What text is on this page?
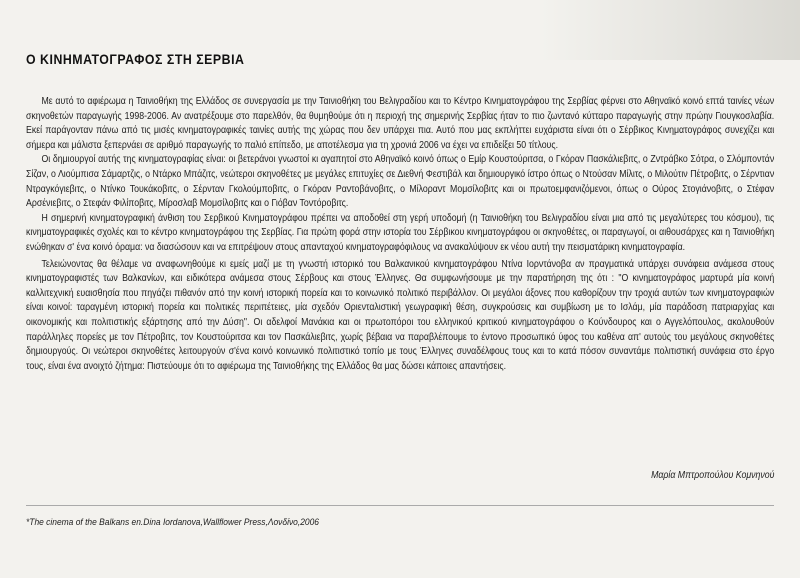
Ο ΚΙΝΗΜΑΤΟΓΡΑΦΟΣ ΣΤΗ ΣΕΡΒΙΑ

Με αυτό το αφιέρωμα η Ταινιοθήκη της Ελλάδος σε συνεργασία με την Ταινιοθήκη του Βελιγραδίου και το Κέντρο Κινηματογράφου της Σερβίας φέρνει στο Αθηναϊκό κοινό επτά ταινίες νέων σκηνοθετών παραγωγής 1998-2006. Αν ανατρέξουμε στο παρελθόν, θα θυμηθούμε ότι η περιοχή της σημερινής Σερβίας ήταν το πιο ζωντανό κύτταρο παραγωγής στην πρώην Γιουγκοσλαβία. Εκεί παράγονταν πάνω από τις μισές κινηματογραφικές ταινίες αυτής της χώρας που δεν υπάρχει πια. Αυτό που μας εκπλήττει ευχάριστα είναι ότι ο Σέρβικος Κινηματογράφος συνεχίζει και σήμερα και μάλιστα ξεπερνάει σε αριθμό παραγωγής το παλιό επίπεδο, με αποτέλεσμα για τη χρονιά 2006 να έχει να επιδείξει 50 τίτλους.

Οι δημιουργοί αυτής της κινηματογραφίας είναι: οι βετεράνοι γνωστοί κι αγαπητοί στο Αθηναϊκό κοινό όπως ο Εμίρ Κουστούριτσα, ο Γκόραν Πασκάλιεβιτς, ο Ζντράβκο Σότρα, ο Σλόμποντάν Σίζαν, ο Λιούμπισα Σάμαρτζις, ο Ντάρκο Μπάζιτς, νεώτεροι σκηνοθέτες με μεγάλες επιτυχίες σε Διεθνή Φεστιβάλ και δημιουργικό ίστρο όπως ο Ντούσαν Μίλιτς, ο Μιλούτιν Πέτροβιτς, ο Σέρντιαν Ντραγκόγιεβιτς, ο Ντίνκο Τουκάκοβιτς, ο Σέρνταν Γκολούμποβιτς, ο Γκόραν Ραντοβάνοβιτς, ο Μίλοραντ Μομσίλοβιτς και οι πρωτοεμφανιζόμενοι, όπως ο Ούρος Στογιάνοβιτς, ο Στέφαν Αρσένιεβιτς, ο Στεφάν Φιλίποβιτς, Μίροσλαβ Μομσίλοβιτς και ο Γιόβαν Τοντόροβιτς.

Η σημερινή κινηματογραφική άνθιση του Σερβικού Κινηματογράφου πρέπει να αποδοθεί στη γερή υποδομή (η Ταινιοθήκη του Βελιγραδίου είναι μια από τις μεγαλύτερες του κόσμου), τις κινηματογραφικές σχολές και το κέντρο κινηματογράφου της Σερβίας. Για πρώτη φορά στην ιστορία του Σέρβικου κινηματογράφου οι σκηνοθέτες, οι παραγωγοί, οι αιθουσάρχες και η Ταινιοθήκη ενώθηκαν σ' ένα κοινό όραμα: να διασώσουν και να επιτρέψουν στους απανταχού κινηματογραφόφιλους να ανακαλύψουν εκ νέου αυτή την πεισματάρικη κινηματογραφία.

Τελειώνοντας θα θέλαμε να αναφωνηθούμε κι εμείς μαζί με τη γνωστή ιστορικό του Βαλκανικού κινηματογράφου Ντίνα Ιορντάνοβα αν πραγματικά υπάρχει συνάφεια ανάμεσα στους κινηματογραφιστές των Βαλκανίων, και ειδικότερα ανάμεσα στους Σέρβους και στους Έλληνες. Θα συμφωνήσουμε με την παρατήρηση της ότι : "Ο κινηματογράφος μαρτυρά μία κοινή καλλιτεχνική ευαισθησία που πηγάζει πιθανόν από την κοινή ιστορική πορεία και το κοινωνικό πολιτικό περιβάλλον. Οι μεγάλοι άξονες που καθορίζουν την τροχιά αυτών των κινηματογραφιών είναι κοινοί: ταραγμένη ιστορική πορεία και πολιτικές περιπέτειες, μία σχεδόν Οριενταλιστική γεωγραφική θέση, συγκρούσεις και συμβίωση με το Ισλάμ, μία παράδοση πατριαρχίας και οικονομικής και πολιτιστικής εξάρτησης από την Δύση". Οι αδελφοί Μανάκια και οι πρωτοπόροι του ελληνικού κριτικού κινηματογράφου ο Κούνδουρος και ο Αγγελόπουλος, ακολουθούν παράλληλες πορείες με τον Πέτροβιτς, τον Κουστούριτσα και τον Πασκάλιεβιτς, χωρίς βέβαια να παραβλέπουμε το έντονο προσωπικό ύφος του καθένα απ' αυτούς του μεγάλους σκηνοθέτες δημιουργούς. Οι νεώτεροι σκηνοθέτες λειτουργούν σ'ένα κοινό κοινωνικό πολιτιστικό τοπίο με τους Έλληνες συναδέλφους τους και το κατά πόσον συναντάμε πολιτιστική συνάφεια στο έργο τους, είναι ένα ανοιχτό ζήτημα: Πιστεύουμε ότι το αφιέρωμα της Ταινιοθήκης της Ελλάδος θα μας δώσει κάποιες απαντήσεις.

Μαρία Μπτροπούλου Κομνηνού
*The cinema of the Balkans en.Dina Iordanova,Wallflower Press,Λονδίνο,2006
